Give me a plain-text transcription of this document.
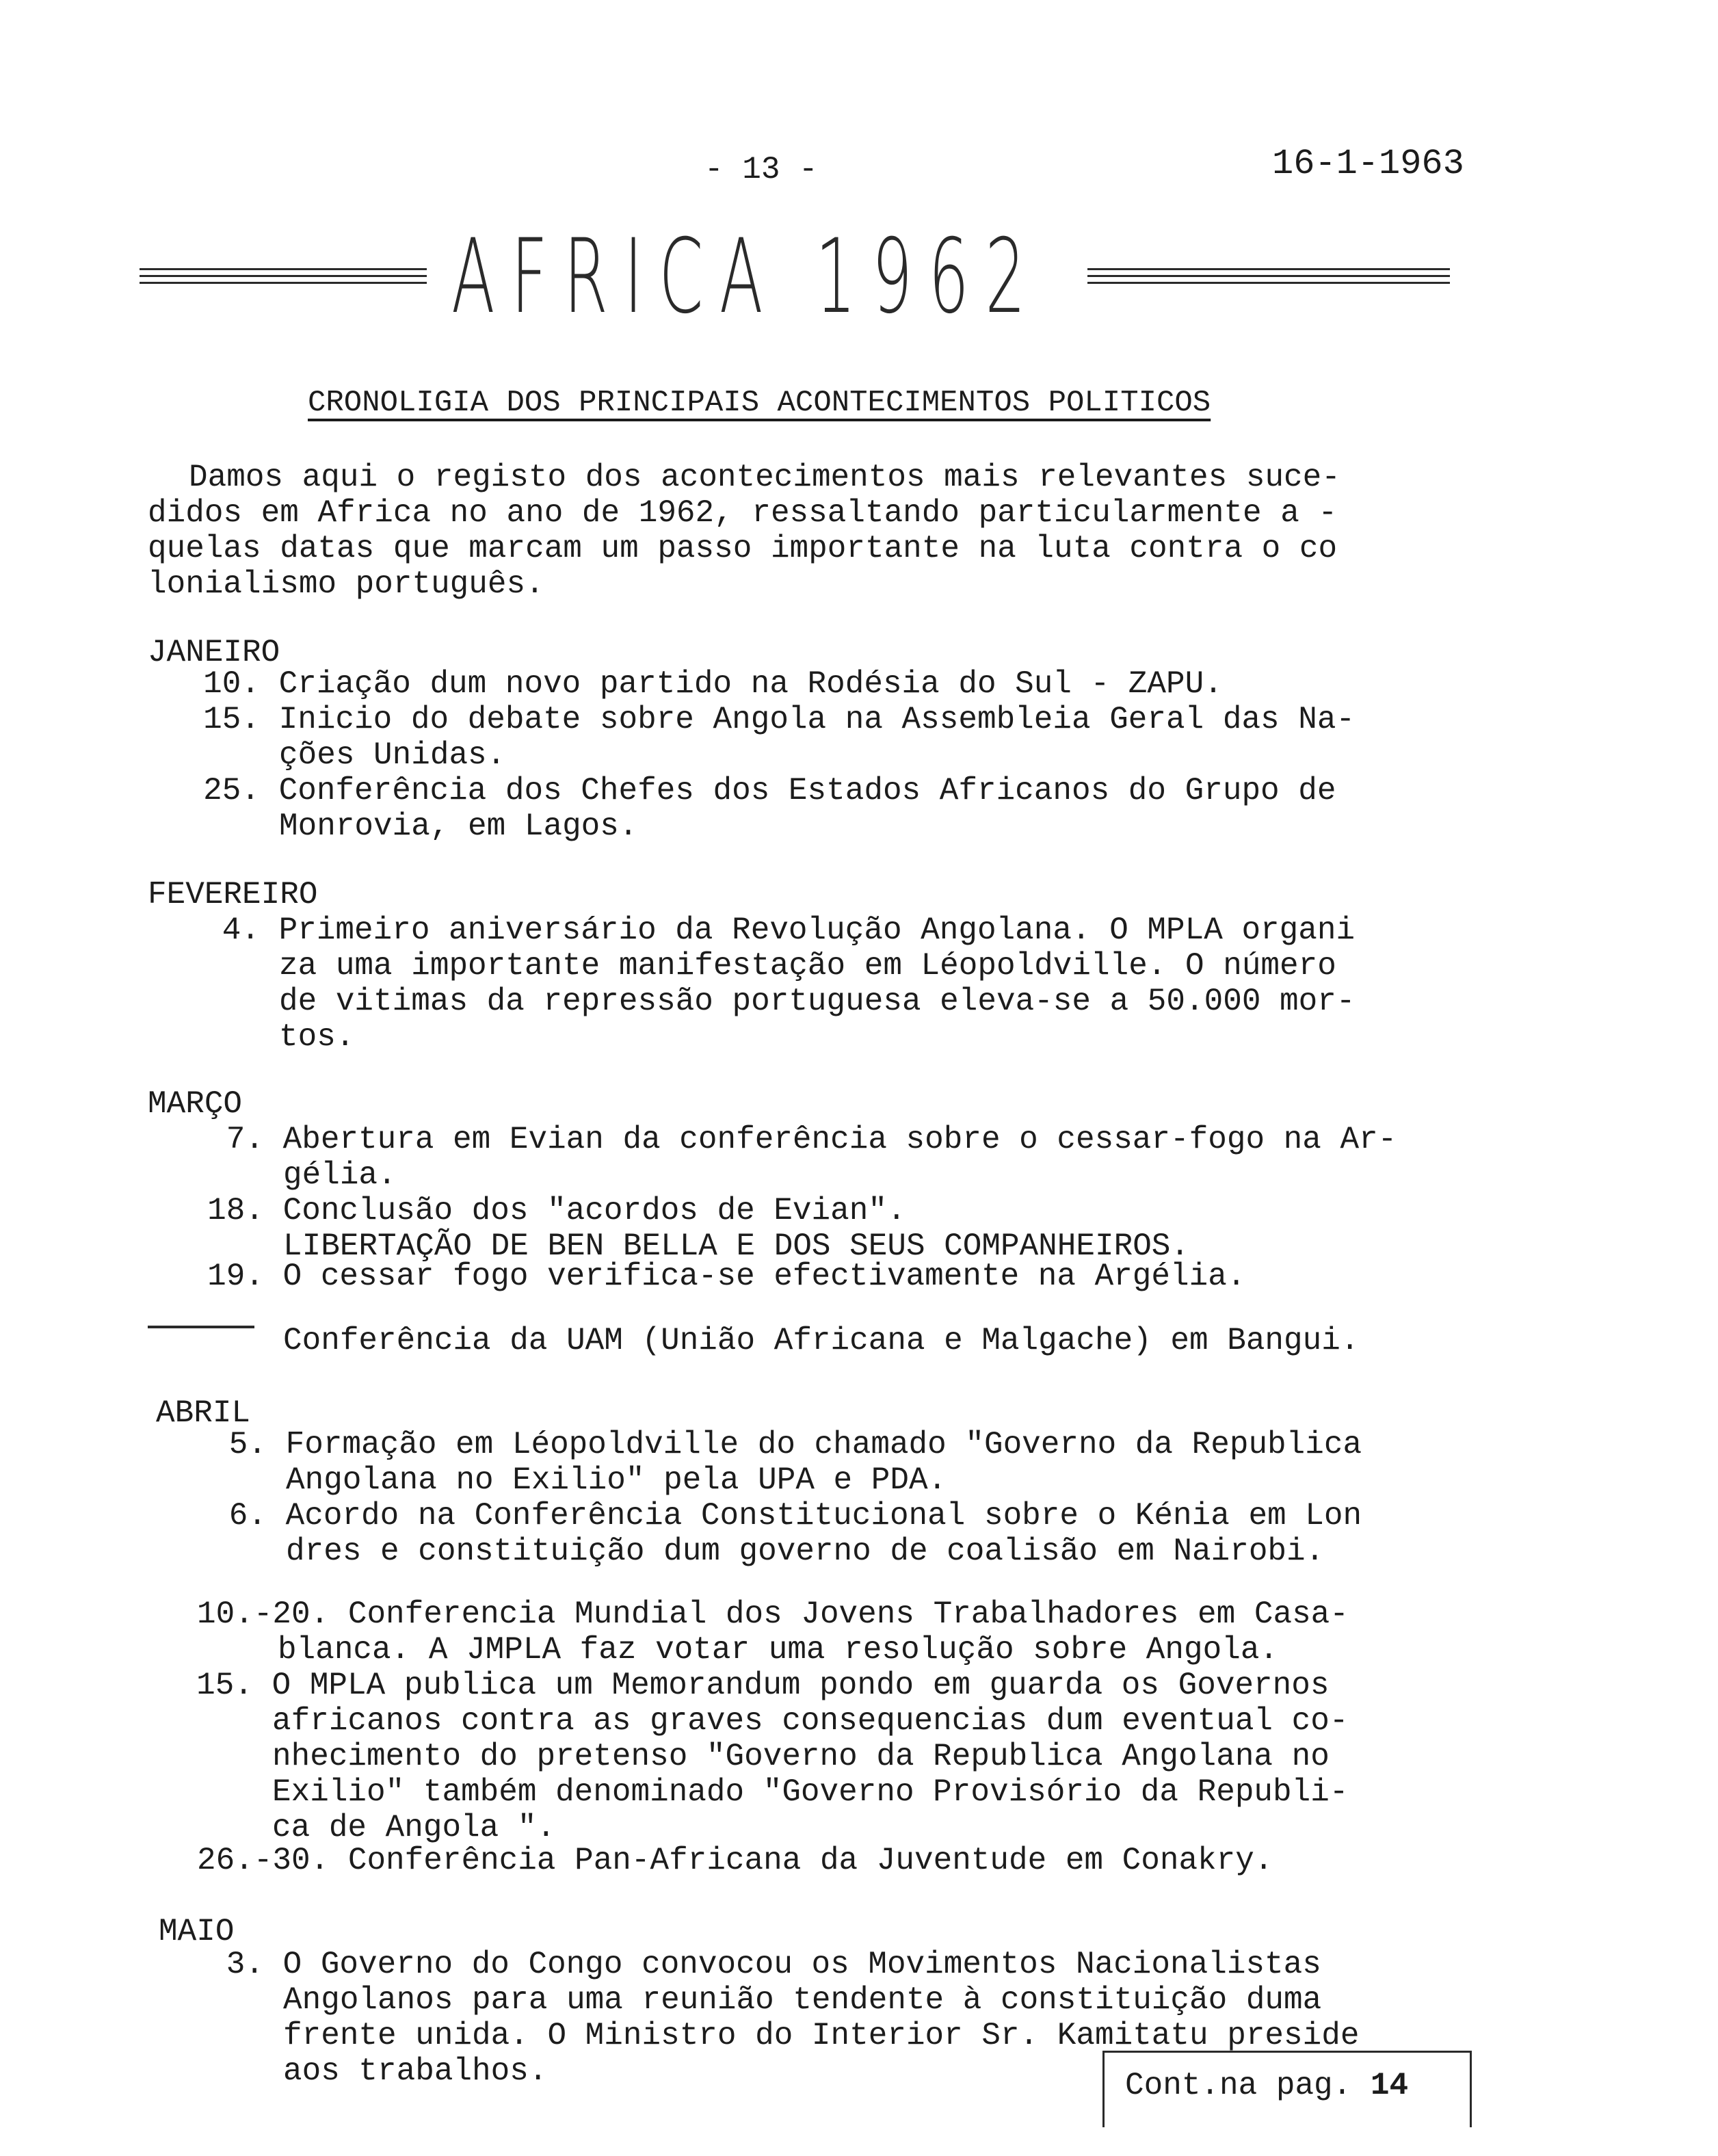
- 13 -	16-1-1963
AFRICA 1962
CRONOLIGIA DOS PRINCIPAIS ACONTECIMENTOS POLITICOS
Damos aqui o registo dos acontecimentos mais relevantes suce-
didos em Africa no ano de 1962, ressaltando particularmente a -
quelas datas que marcam um passo importante na luta contra o co
lonialismo português.
JANEIRO
10. Criação dum novo partido na Rodésia do Sul - ZAPU.
15. Inicio do debate sobre Angola na Assembleia Geral das Na-
ções Unidas.
25. Conferência dos Chefes dos Estados Africanos do Grupo de
Monrovia, em Lagos.
FEVEREIRO
4. Primeiro aniversário da Revolução Angolana. O MPLA organi
za uma importante manifestação em Léopoldville. O número
de vitimas da repressão portuguesa eleva-se a 50.000 mor-
tos.
MARÇO
7. Abertura em Evian da conferência sobre o cessar-fogo na Ar-
gélia.
18. Conclusão dos "acordos de Evian".
LIBERTAÇÃO DE BEN BELLA E DOS SEUS COMPANHEIROS.
19. O cessar fogo verifica-se efectivamente na Argélia.
Conferência da UAM (União Africana e Malgache) em Bangui.
ABRIL
5. Formação em Léopoldville do chamado "Governo da Republica
Angolana no Exilio" pela UPA e PDA.
6. Acordo na Conferência Constitucional sobre o Kénia em Lon
dres e constituição dum governo de coalisão em Nairobi.
10.-20. Conferencia Mundial dos Jovens Trabalhadores em Casa-
blanca. A JMPLA faz votar uma resolução sobre Angola.
15. O MPLA publica um Memorandum pondo em guarda os Governos
africanos contra as graves consequencias dum eventual co-
nhecimento do pretenso "Governo da Republica Angolana no
Exilio" também denominado "Governo Provisório da Republi-
ca de Angola ".
26.-30. Conferência Pan-Africana da Juventude em Conakry.
MAIO
3. O Governo do Congo convocou os Movimentos Nacionalistas
Angolanos para uma reunião tendente à constituição duma
frente unida. O Ministro do Interior Sr. Kamitatu preside
aos trabalhos.	Cont.na pag. 14
